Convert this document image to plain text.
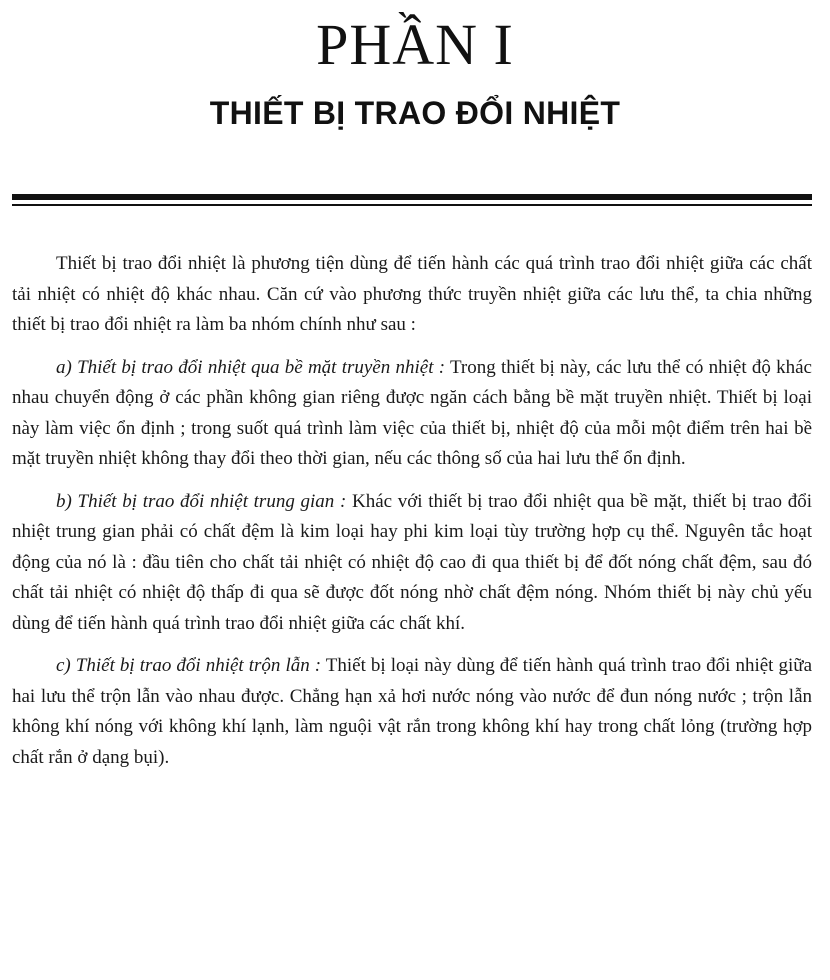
PHẦN I
THIẾT BỊ TRAO ĐỔI NHIỆT

Thiết bị trao đổi nhiệt là phương tiện dùng để tiến hành các quá trình trao đổi nhiệt giữa các chất tải nhiệt có nhiệt độ khác nhau. Căn cứ vào phương thức truyền nhiệt giữa các lưu thể, ta chia những thiết bị trao đổi nhiệt ra làm ba nhóm chính như sau :

a) Thiết bị trao đổi nhiệt qua bề mặt truyền nhiệt : Trong thiết bị này, các lưu thể có nhiệt độ khác nhau chuyển động ở các phần không gian riêng được ngăn cách bằng bề mặt truyền nhiệt. Thiết bị loại này làm việc ổn định ; trong suốt quá trình làm việc của thiết bị, nhiệt độ của mỗi một điểm trên hai bề mặt truyền nhiệt không thay đổi theo thời gian, nếu các thông số của hai lưu thể ổn định.

b) Thiết bị trao đổi nhiệt trung gian : Khác với thiết bị trao đổi nhiệt qua bề mặt, thiết bị trao đổi nhiệt trung gian phải có chất đệm là kim loại hay phi kim loại tùy trường hợp cụ thể. Nguyên tắc hoạt động của nó là : đầu tiên cho chất tải nhiệt có nhiệt độ cao đi qua thiết bị để đốt nóng chất đệm, sau đó chất tải nhiệt có nhiệt độ thấp đi qua sẽ được đốt nóng nhờ chất đệm nóng. Nhóm thiết bị này chủ yếu dùng để tiến hành quá trình trao đổi nhiệt giữa các chất khí.

c) Thiết bị trao đổi nhiệt trộn lẫn : Thiết bị loại này dùng để tiến hành quá trình trao đổi nhiệt giữa hai lưu thể trộn lẫn vào nhau được. Chẳng hạn xả hơi nước nóng vào nước để đun nóng nước ; trộn lẫn không khí nóng với không khí lạnh, làm nguội vật rắn trong không khí hay trong chất lỏng (trường hợp chất rắn ở dạng bụi).
